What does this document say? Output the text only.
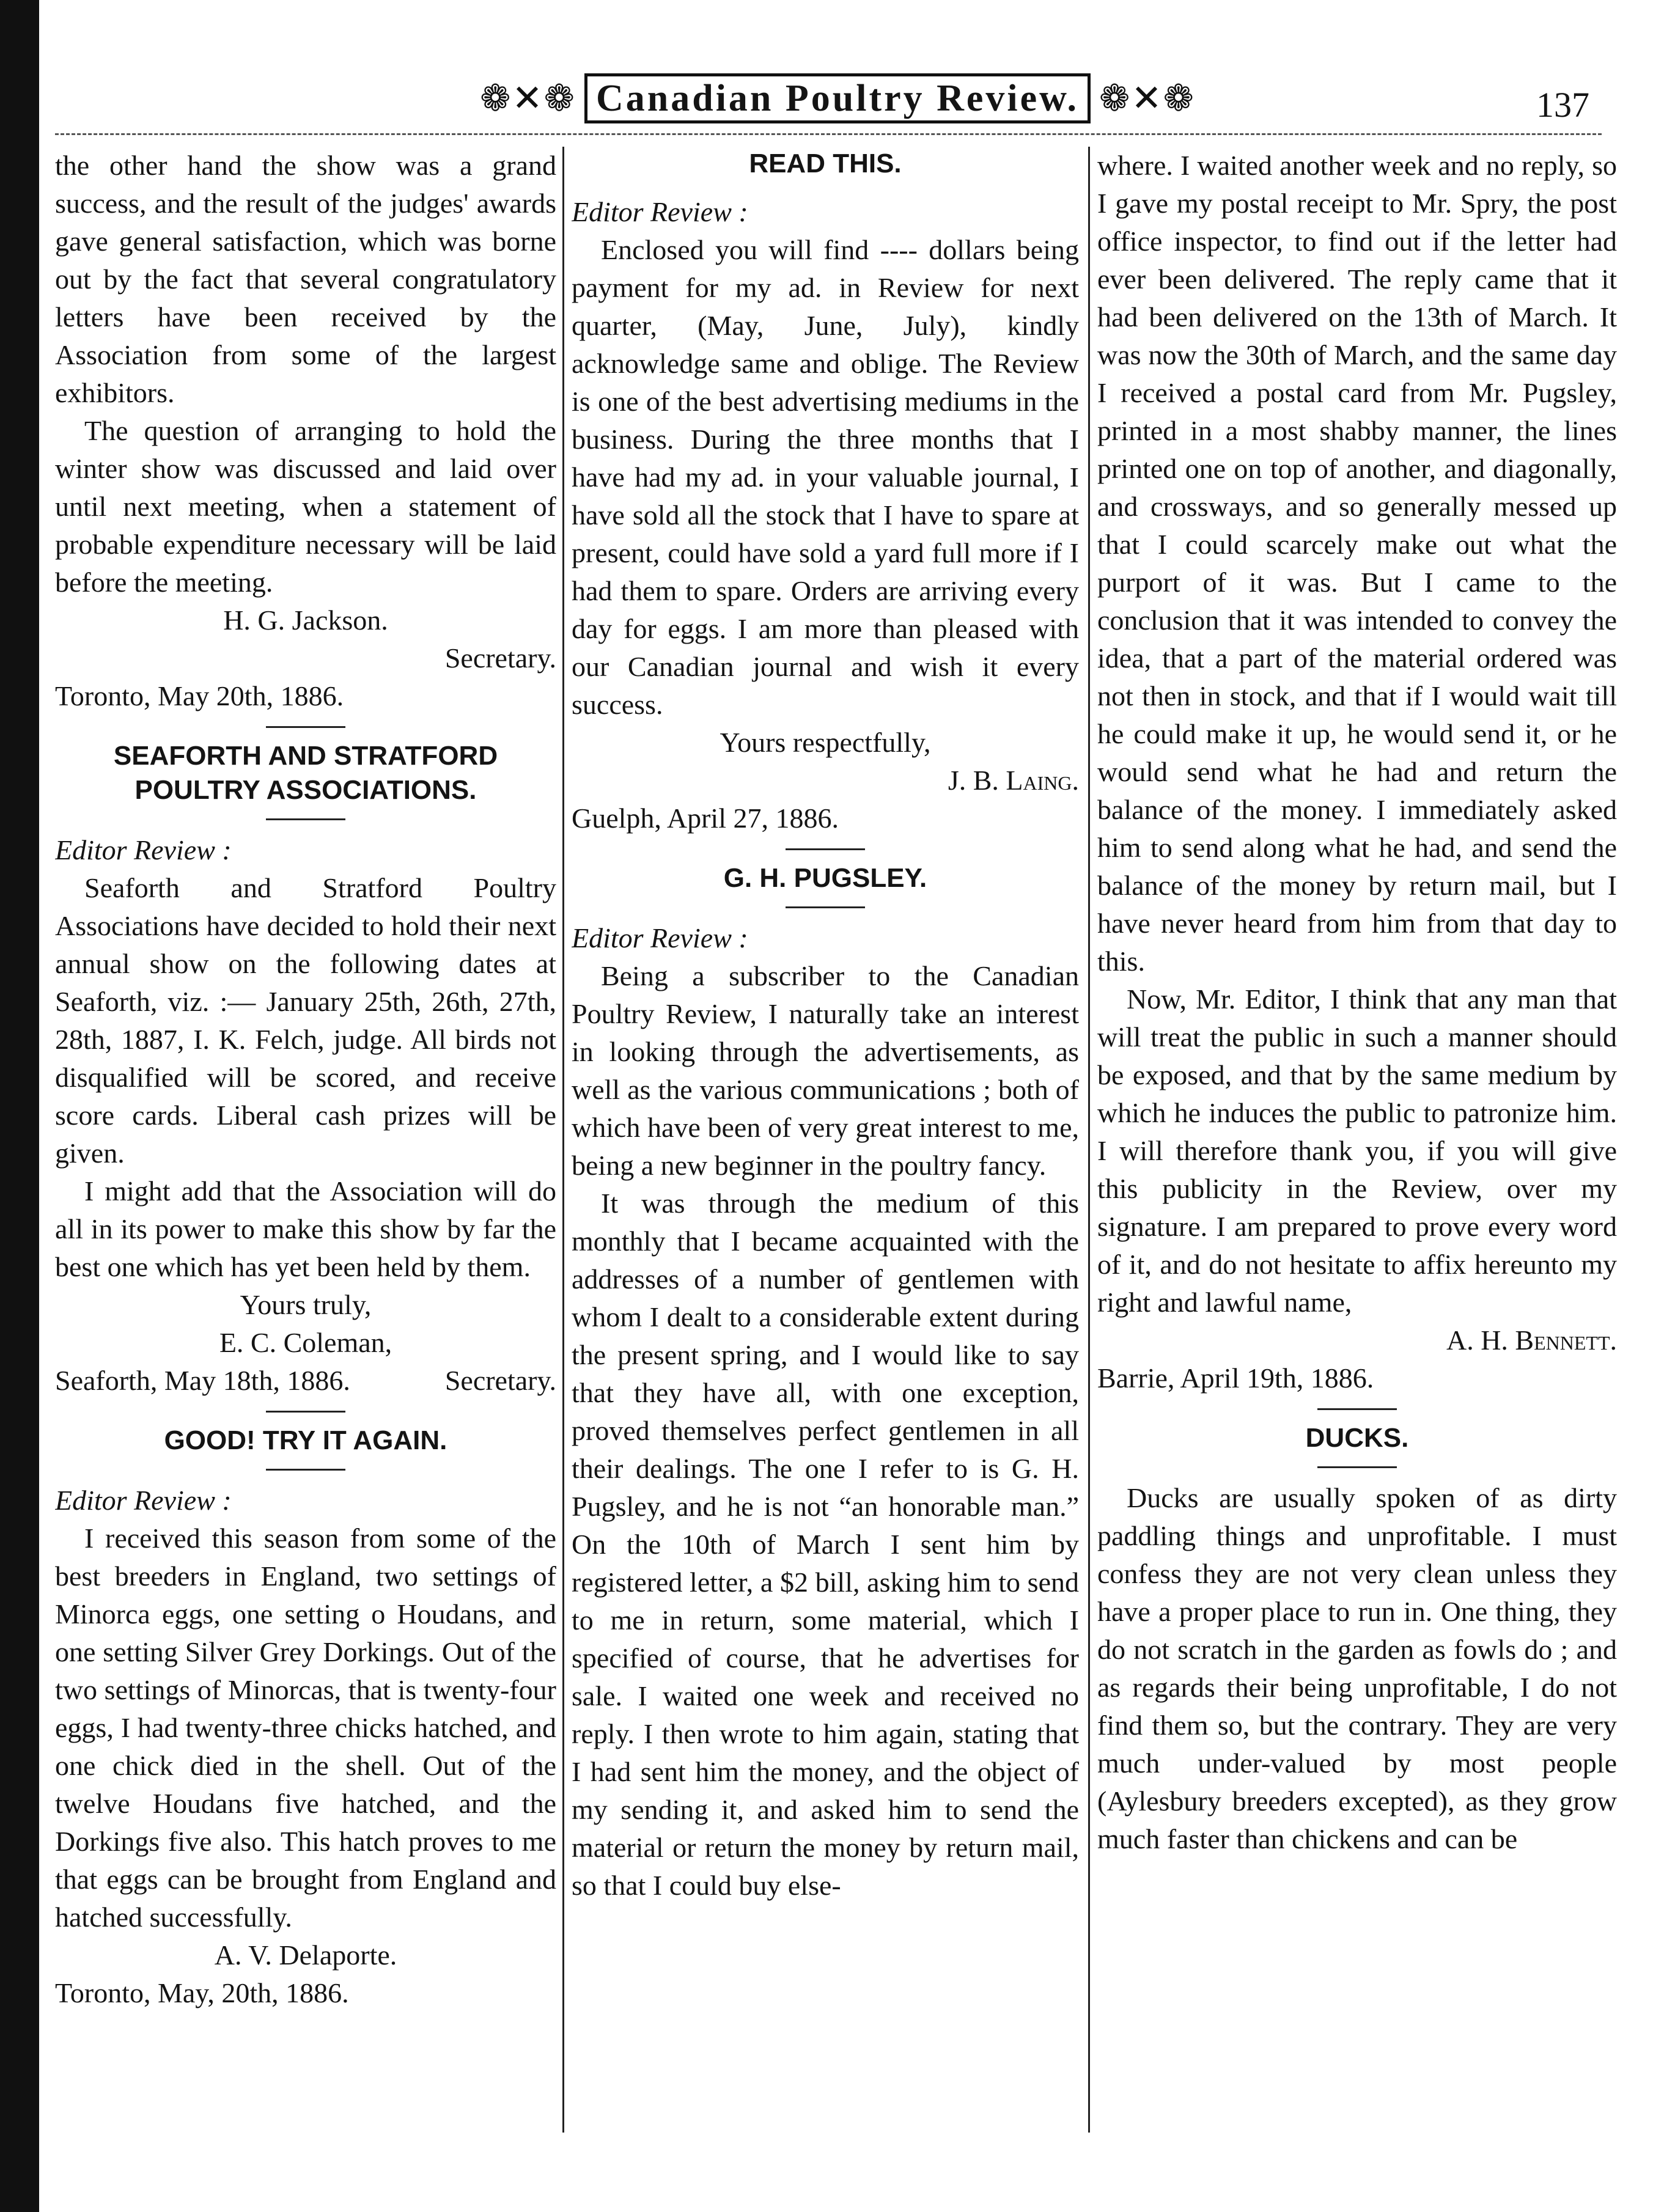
❁✕❁ Canadian Poultry Review. ❁✕❁	137

the other hand the show was a grand success, and the result of the judges' awards gave general satisfaction, which was borne out by the fact that several congratulatory letters have been received by the Association from some of the largest exhibitors.

The question of arranging to hold the winter show was discussed and laid over until next meeting, when a statement of probable expenditure necessary will be laid before the meeting.

H. G. Jackson.

Secretary.

Toronto, May 20th, 1886.

SEAFORTH AND STRATFORD POULTRY ASSOCIATIONS.

Editor Review :

Seaforth and Stratford Poultry Associations have decided to hold their next annual show on the following dates at Seaforth, viz. :— January 25th, 26th, 27th, 28th, 1887, I. K. Felch, judge. All birds not disqualified will be scored, and receive score cards. Liberal cash prizes will be given.

I might add that the Association will do all in its power to make this show by far the best one which has yet been held by them.

Yours truly,

E. C. Coleman,

Seaforth, May 18th, 1886.	Secretary.

GOOD! TRY IT AGAIN.

Editor Review :

I received this season from some of the best breeders in England, two settings of Minorca eggs, one setting o Houdans, and one setting Silver Grey Dorkings. Out of the two settings of Minorcas, that is twenty-four eggs, I had twenty-three chicks hatched, and one chick died in the shell. Out of the twelve Houdans five hatched, and the Dorkings five also. This hatch proves to me that eggs can be brought from England and hatched successfully.

A. V. Delaporte.

Toronto, May, 20th, 1886.

READ THIS.

Editor Review :

Enclosed you will find ---- dollars being payment for my ad. in Review for next quarter, (May, June, July), kindly acknowledge same and oblige. The Review is one of the best advertising mediums in the business. During the three months that I have had my ad. in your valuable journal, I have sold all the stock that I have to spare at present, could have sold a yard full more if I had them to spare. Orders are arriving every day for eggs. I am more than pleased with our Canadian journal and wish it every success.

Yours respectfully,

J. B. Laing.

Guelph, April 27, 1886.

G. H. PUGSLEY.

Editor Review :

Being a subscriber to the Canadian Poultry Review, I naturally take an interest in looking through the advertisements, as well as the various communications ; both of which have been of very great interest to me, being a new beginner in the poultry fancy.

It was through the medium of this monthly that I became acquainted with the addresses of a number of gentlemen with whom I dealt to a considerable extent during the present spring, and I would like to say that they have all, with one exception, proved themselves perfect gentlemen in all their dealings. The one I refer to is G. H. Pugsley, and he is not “an honorable man.” On the 10th of March I sent him by registered letter, a $2 bill, asking him to send to me in return, some material, which I specified of course, that he advertises for sale. I waited one week and received no reply. I then wrote to him again, stating that I had sent him the money, and the object of my sending it, and asked him to send the material or return the money by return mail, so that I could buy else-

where. I waited another week and no reply, so I gave my postal receipt to Mr. Spry, the post office inspector, to find out if the letter had ever been delivered. The reply came that it had been delivered on the 13th of March. It was now the 30th of March, and the same day I received a postal card from Mr. Pugsley, printed in a most shabby manner, the lines printed one on top of another, and diagonally, and crossways, and so generally messed up that I could scarcely make out what the purport of it was. But I came to the conclusion that it was intended to convey the idea, that a part of the material ordered was not then in stock, and that if I would wait till he could make it up, he would send it, or he would send what he had and return the balance of the money. I immediately asked him to send along what he had, and send the balance of the money by return mail, but I have never heard from him from that day to this.

Now, Mr. Editor, I think that any man that will treat the public in such a manner should be exposed, and that by the same medium by which he induces the public to patronize him. I will therefore thank you, if you will give this publicity in the Review, over my signature. I am prepared to prove every word of it, and do not hesitate to affix hereunto my right and lawful name,

A. H. Bennett.

Barrie, April 19th, 1886.

DUCKS.

Ducks are usually spoken of as dirty paddling things and unprofitable. I must confess they are not very clean unless they have a proper place to run in. One thing, they do not scratch in the garden as fowls do ; and as regards their being unprofitable, I do not find them so, but the contrary. They are very much under-valued by most people (Aylesbury breeders excepted), as they grow much faster than chickens and can be
